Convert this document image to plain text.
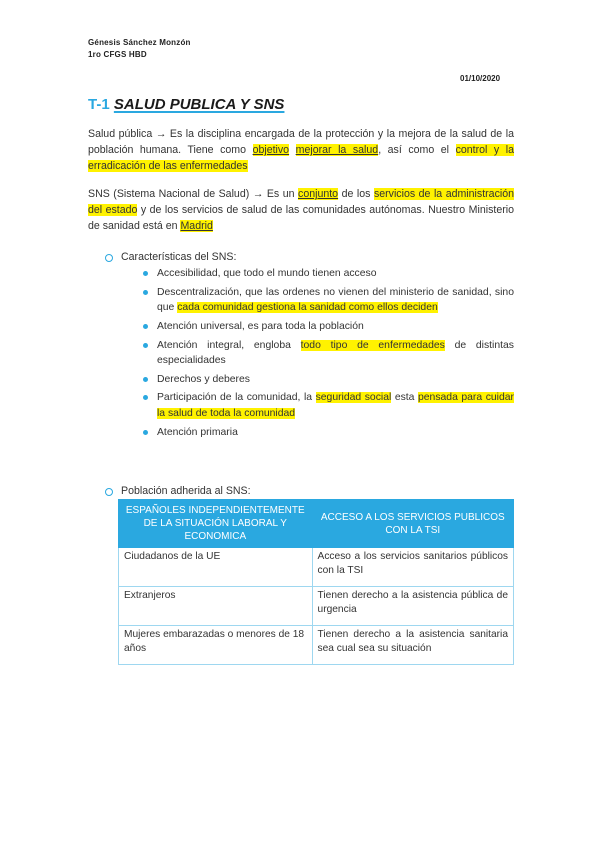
Génesis Sánchez Monzón
1ro CFGS HBD
01/10/2020
T-1 SALUD PUBLICA Y SNS
Salud pública → Es la disciplina encargada de la protección y la mejora de la salud de la población humana. Tiene como objetivo mejorar la salud, así como el control y la erradicación de las enfermedades
SNS (Sistema Nacional de Salud) → Es un conjunto de los servicios de la administración del estado y de los servicios de salud de las comunidades autónomas. Nuestro Ministerio de sanidad está en Madrid
Características del SNS:
Accesibilidad, que todo el mundo tienen acceso
Descentralización, que las ordenes no vienen del ministerio de sanidad, sino que cada comunidad gestiona la sanidad como ellos deciden
Atención universal, es para toda la población
Atención integral, engloba todo tipo de enfermedades de distintas especialidades
Derechos y deberes
Participación de la comunidad, la seguridad social esta pensada para cuidar la salud de toda la comunidad
Atención primaria
Población adherida al SNS:
ESPAÑOLES INDEPENDIENTEMENTE DE LA SITUACIÓN LABORAL Y ECONOMICA	ACCESO A LOS SERVICIOS PUBLICOS CON LA TSI
Ciudadanos de la UE	Acceso a los servicios sanitarios públicos con la TSI
Extranjeros	Tienen derecho a la asistencia pública de urgencia
Mujeres embarazadas o menores de 18 años	Tienen derecho a la asistencia sanitaria sea cual sea su situación
